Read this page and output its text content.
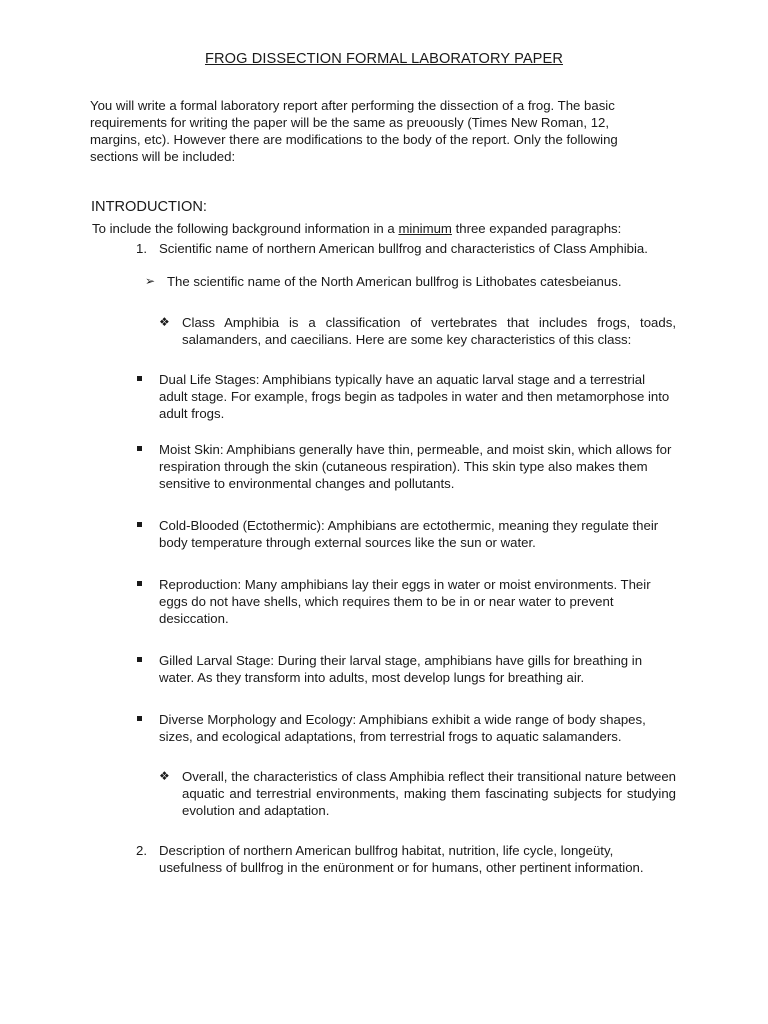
FROG DISSECTION FORMAL LABORATORY PAPER

You will write a formal laboratory report after performing the dissection of a frog. The basic requirements for writing the paper will be the same as preυously (Times New Roman, 12, margins, etc). However there are modifications to the body of the report. Only the following sections will be included:

INTRODUCTION:

To include the following background information in a minimum three expanded paragraphs:

1. Scientific name of northern American bullfrog and characteristics of Class Amphibia.

➢ The scientific name of the North American bullfrog is Lithobates catesbeianus.

❖ Class Amphibia is a classification of vertebrates that includes frogs, toads, salamanders, and caecilians. Here are some key characteristics of this class:

Dual Life Stages: Amphibians typically have an aquatic larval stage and a terrestrial adult stage. For example, frogs begin as tadpoles in water and then metamorphose into adult frogs.

Moist Skin: Amphibians generally have thin, permeable, and moist skin, which allows for respiration through the skin (cutaneous respiration). This skin type also makes them sensitive to environmental changes and pollutants.

Cold-Blooded (Ectothermic): Amphibians are ectothermic, meaning they regulate their body temperature through external sources like the sun or water.

Reproduction: Many amphibians lay their eggs in water or moist environments. Their eggs do not have shells, which requires them to be in or near water to prevent desiccation.

Gilled Larval Stage: During their larval stage, amphibians have gills for breathing in water. As they transform into adults, most develop lungs for breathing air.

Diverse Morphology and Ecology: Amphibians exhibit a wide range of body shapes, sizes, and ecological adaptations, from terrestrial frogs to aquatic salamanders.

❖ Overall, the characteristics of class Amphibia reflect their transitional nature between aquatic and terrestrial environments, making them fascinating subjects for studying evolution and adaptation.

2. Description of northern American bullfrog habitat, nutrition, life cycle, longeüty, usefulness of bullfrog in the enüronment or for humans, other pertinent information.
